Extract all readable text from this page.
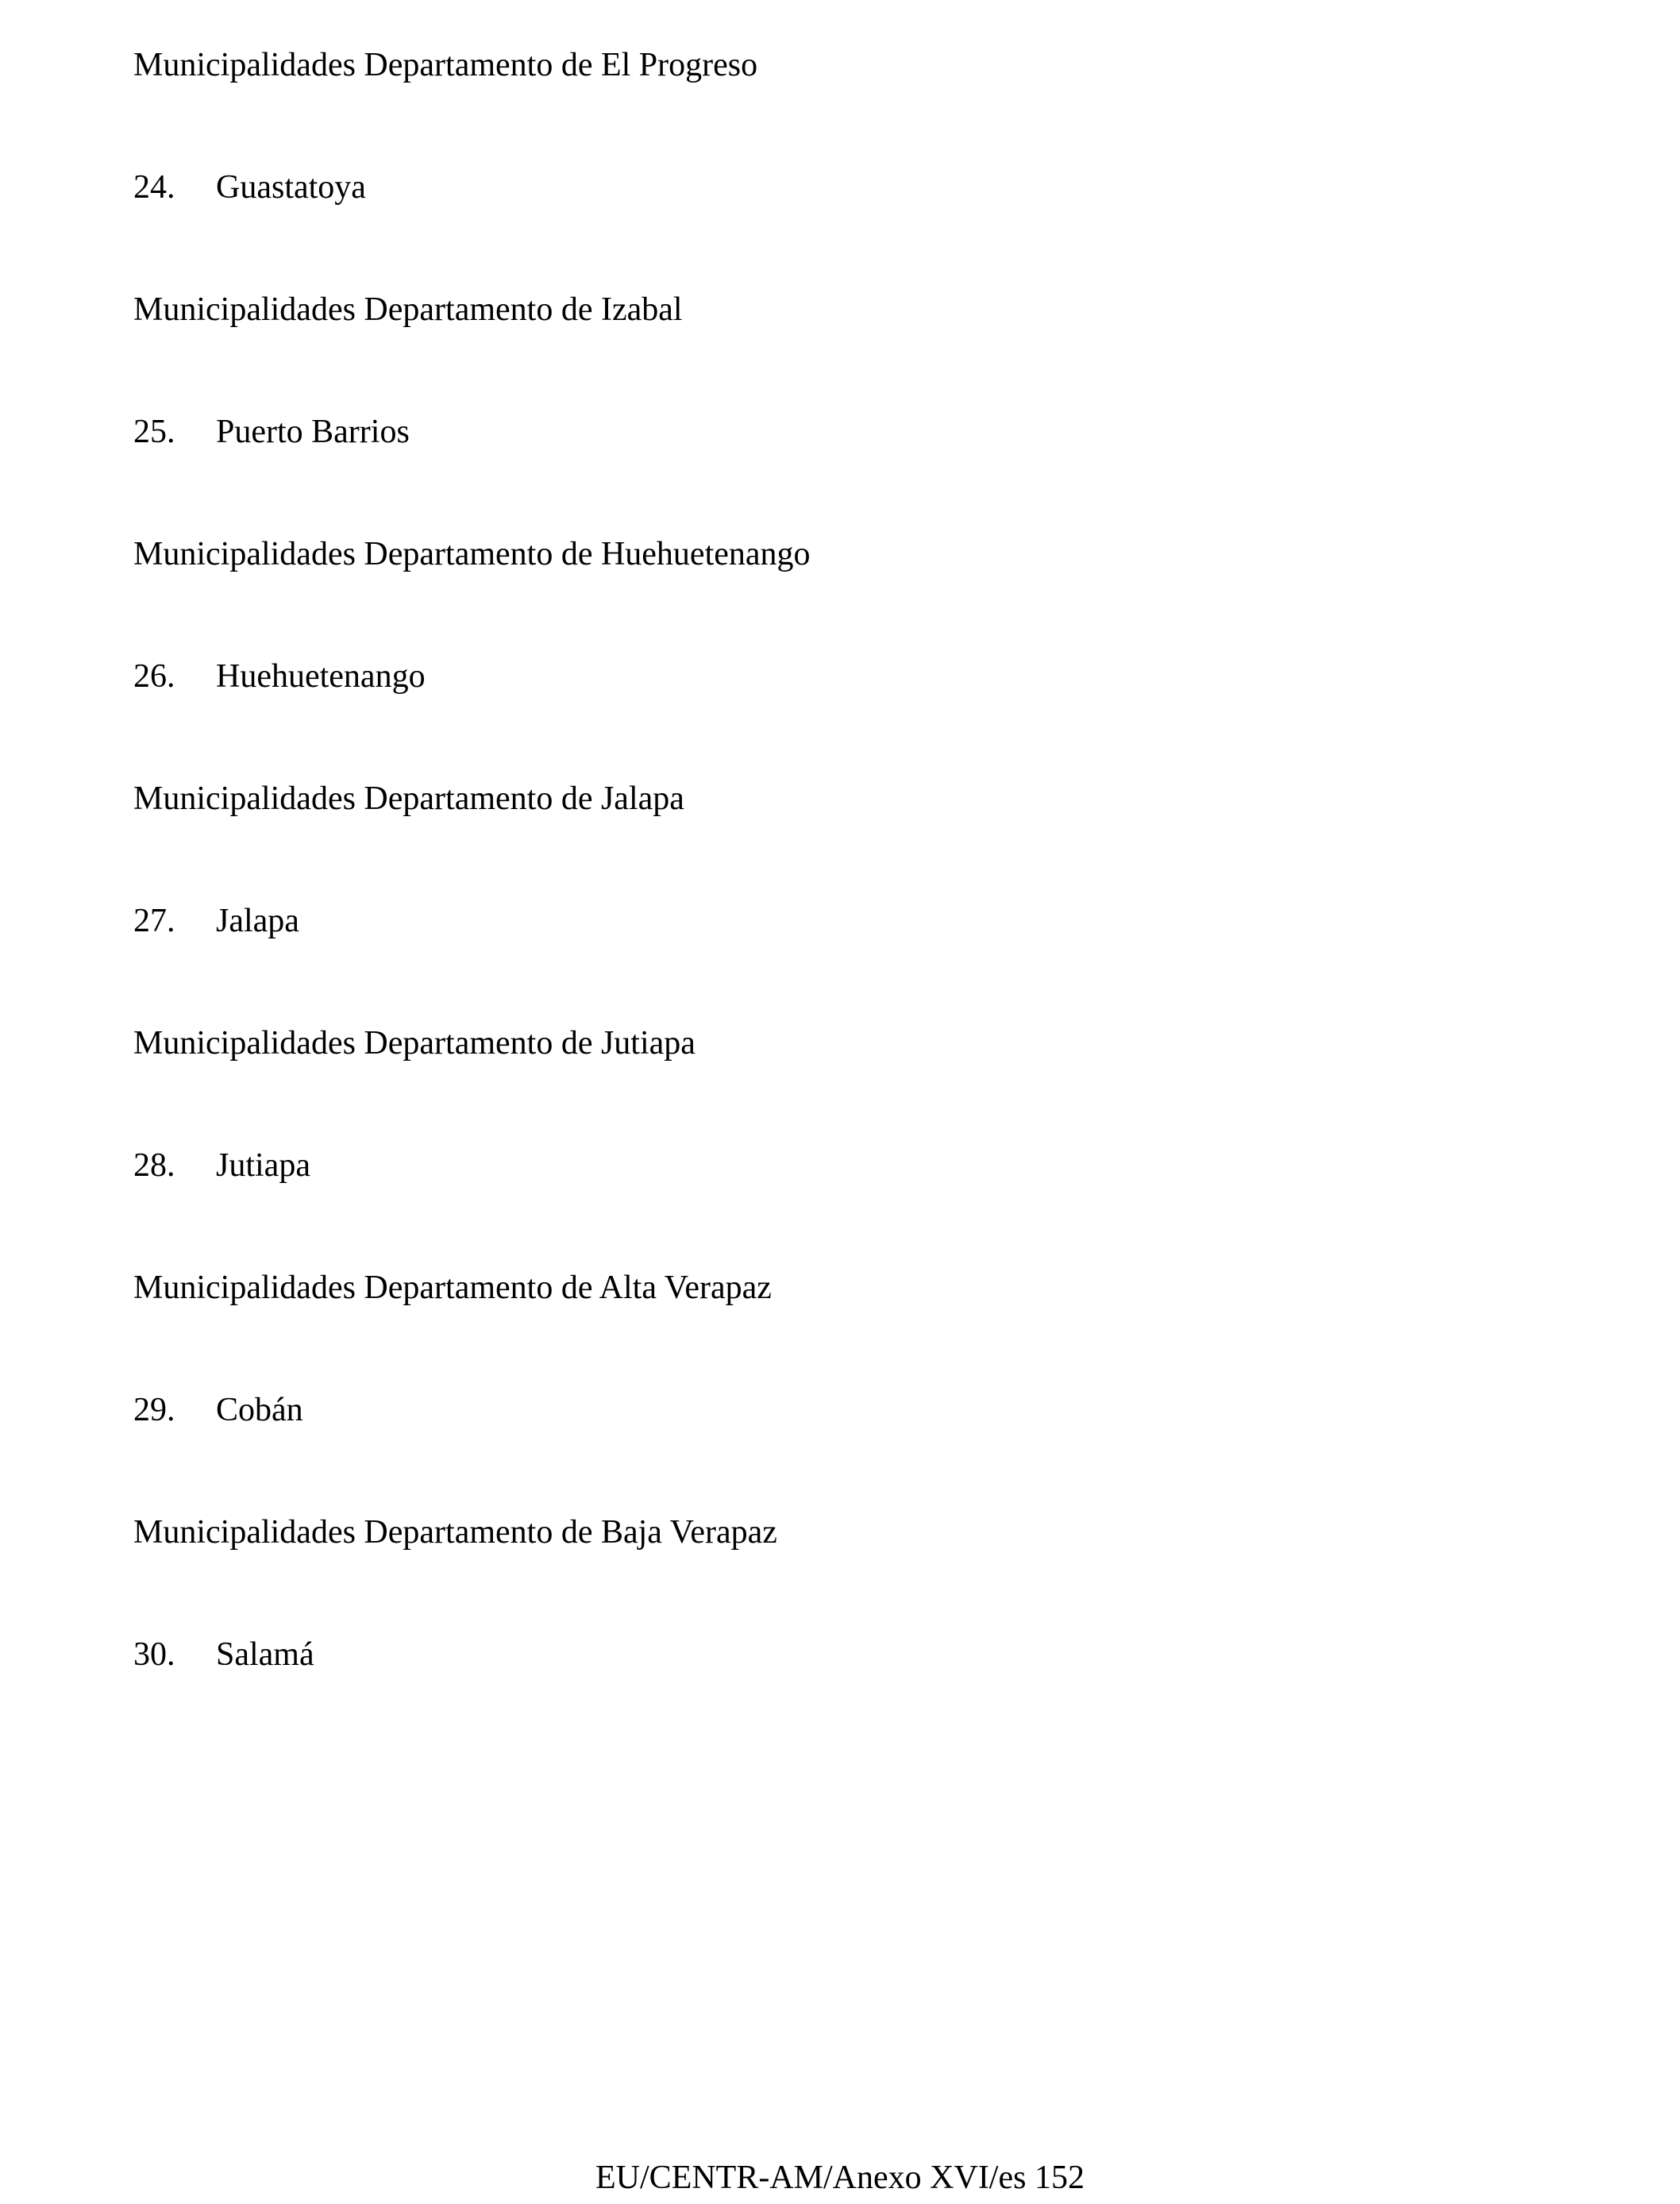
Municipalidades Departamento de El Progreso
24. Guastatoya
Municipalidades Departamento de Izabal
25. Puerto Barrios
Municipalidades Departamento de Huehuetenango
26. Huehuetenango
Municipalidades Departamento de Jalapa
27. Jalapa
Municipalidades Departamento de Jutiapa
28. Jutiapa
Municipalidades Departamento de Alta Verapaz
29. Cobán
Municipalidades Departamento de Baja Verapaz
30. Salamá
EU/CENTR-AM/Anexo XVI/es 152
